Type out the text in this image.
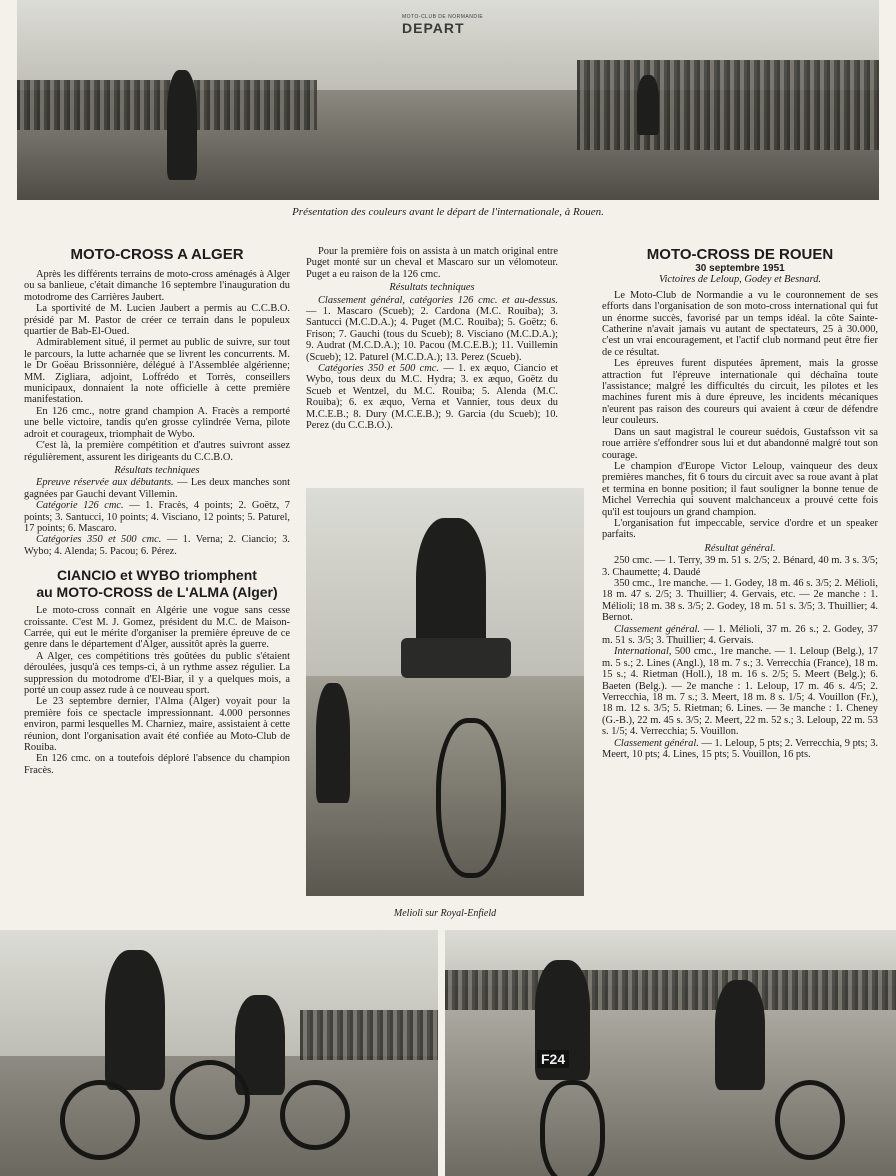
MOTO-CLUB DE NORMANDIE
DEPART
Présentation des couleurs avant le départ de l'internationale, à Rouen.
MOTO-CROSS A ALGER

Après les différents terrains de moto-cross aménagés à Alger ou sa banlieue, c'était dimanche 16 septembre l'inauguration du motodrome des Carrières Jaubert.

La sportivité de M. Lucien Jaubert a permis au C.C.B.O. présidé par M. Pastor de créer ce terrain dans le populeux quartier de Bab-El-Oued.

Admirablement situé, il permet au public de suivre, sur tout le parcours, la lutte acharnée que se livrent les concurrents. M. le Dr Goëau Brissonnière, délégué à l'Assemblée algérienne; MM. Zigliara, adjoint, Loffrédo et Torrès, conseillers municipaux, donnaient la note officielle à cette première manifestation.

En 126 cmc., notre grand champion A. Fracès a remporté une belle victoire, tandis qu'en grosse cylindrée Verna, pilote adroit et courageux, triomphait de Wybo.

C'est là, la première compétition et d'autres suivront assez régulièrement, assurent les dirigeants du C.C.B.O.

Résultats techniques

Epreuve réservée aux débutants. — Les deux manches sont gagnées par Gauchi devant Villemin.

Catégorie 126 cmc. — 1. Fracès, 4 points; 2. Goëtz, 7 points; 3. Santucci, 10 points; 4. Visciano, 12 points; 5. Paturel, 17 points; 6. Mascaro.

Catégories 350 et 500 cmc. — 1. Verna; 2. Ciancio; 3. Wybo; 4. Alenda; 5. Pacou; 6. Pérez.

CIANCIO et WYBO triomphent
au MOTO-CROSS de L'ALMA (Alger)

Le moto-cross connaît en Algérie une vogue sans cesse croissante. C'est M. J. Gomez, président du M.C. de Maison-Carrée, qui eut le mérite d'organiser la première épreuve de ce genre dans le département d'Alger, aussitôt après la guerre.

A Alger, ces compétitions très goûtées du public s'étaient déroulées, jusqu'à ces temps-ci, à un rythme assez régulier. La suppression du motodrome d'El-Biar, il y a quelques mois, a porté un coup assez rude à ce nouveau sport.

Le 23 septembre dernier, l'Alma (Alger) voyait pour la première fois ce spectacle impressionnant. 4.000 personnes environ, parmi lesquelles M. Charniez, maire, assistaient à cette réunion, dont l'organisation avait été confiée au Moto-Club de Rouiba.

En 126 cmc. on a toutefois déploré l'absence du champion Fracès.

Pour la première fois on assista à un match original entre Puget monté sur un cheval et Mascaro sur un vélomoteur. Puget a eu raison de la 126 cmc.

Résultats techniques

Classement général, catégories 126 cmc. et au-dessus. — 1. Mascaro (Scueb); 2. Cardona (M.C. Rouiba); 3. Santucci (M.C.D.A.); 4. Puget (M.C. Rouiba); 5. Goëtz; 6. Frison; 7. Gauchi (tous du Scueb); 8. Visciano (M.C.D.A.); 9. Audrat (M.C.D.A.); 10. Pacou (M.C.E.B.); 11. Vuillemin (Scueb); 12. Paturel (M.C.D.A.); 13. Perez (Scueb).

Catégories 350 et 500 cmc. — 1. ex æquo, Ciancio et Wybo, tous deux du M.C. Hydra; 3. ex æquo, Goëtz du Scueb et Wentzel, du M.C. Rouiba; 5. Alenda (M.C. Rouiba); 6. ex æquo, Verna et Vannier, tous deux du M.C.E.B.; 8. Dury (M.C.E.B.); 9. Garcia (du Scueb); 10. Perez (du C.C.B.O.).

Melioli sur Royal-Enfield
MOTO-CROSS DE ROUEN
30 septembre 1951
Victoires de Leloup, Godey et Besnard.

Le Moto-Club de Normandie a vu le couronnement de ses efforts dans l'organisation de son moto-cross international qui fut un énorme succès, favorisé par un temps idéal. la côte Sainte-Catherine n'avait jamais vu autant de spectateurs, 25 à 30.000, c'est un vrai encouragement, et l'actif club normand peut être fier de ce résultat.

Les épreuves furent disputées âprement, mais la grosse attraction fut l'épreuve internationale qui déchaîna toute l'assistance; malgré les difficultés du circuit, les pilotes et les machines furent mis à dure épreuve, les incidents mécaniques n'eurent pas raison des coureurs qui avaient à cœur de défendre leur couleurs.

Dans un saut magistral le coureur suédois, Gustafsson vit sa roue arrière s'effondrer sous lui et dut abandonné malgré tout son courage.

Le champion d'Europe Victor Leloup, vainqueur des deux premières manches, fit 6 tours du circuit avec sa roue avant à plat et termina en bonne position; il faut souligner la bonne tenue de Michel Verrechia qui souvent malchanceux a prouvé cette fois qu'il est toujours un grand champion.

L'organisation fut impeccable, service d'ordre et un speaker parfaits.

Résultat général.

250 cmc. — 1. Terry, 39 m. 51 s. 2/5; 2. Bénard, 40 m. 3 s. 3/5; 3. Chaumette; 4. Daudé

350 cmc., 1re manche. — 1. Godey, 18 m. 46 s. 3/5; 2. Mélioli, 18 m. 47 s. 2/5; 3. Thuillier; 4. Gervais, etc. — 2e manche : 1. Mélioli; 18 m. 38 s. 3/5; 2. Godey, 18 m. 51 s. 3/5; 3. Thuillier; 4. Bernot.

Classement général. — 1. Mélioli, 37 m. 26 s.; 2. Godey, 37 m. 51 s. 3/5; 3. Thuillier; 4. Gervais.

International, 500 cmc., 1re manche. — 1. Leloup (Belg.), 17 m. 5 s.; 2. Lines (Angl.), 18 m. 7 s.; 3. Verrecchia (France), 18 m. 15 s.; 4. Rietman (Holl.), 18 m. 16 s. 2/5; 5. Meert (Belg.); 6. Baeten (Belg.). — 2e manche : 1. Leloup, 17 m. 46 s. 4/5; 2. Verrecchia, 18 m. 7 s.; 3. Meert, 18 m. 8 s. 1/5; 4. Vouillon (Fr.), 18 m. 12 s. 3/5; 5. Rietman; 6. Lines. — 3e manche : 1. Cheney (G.-B.), 22 m. 45 s. 3/5; 2. Meert, 22 m. 52 s.; 3. Leloup, 22 m. 53 s. 1/5; 4. Verrecchia; 5. Vouillon.

Classement général. — 1. Leloup, 5 pts; 2. Verrecchia, 9 pts; 3. Meert, 10 pts; 4. Lines, 15 pts; 5. Vouillon, 16 pts.

F24
